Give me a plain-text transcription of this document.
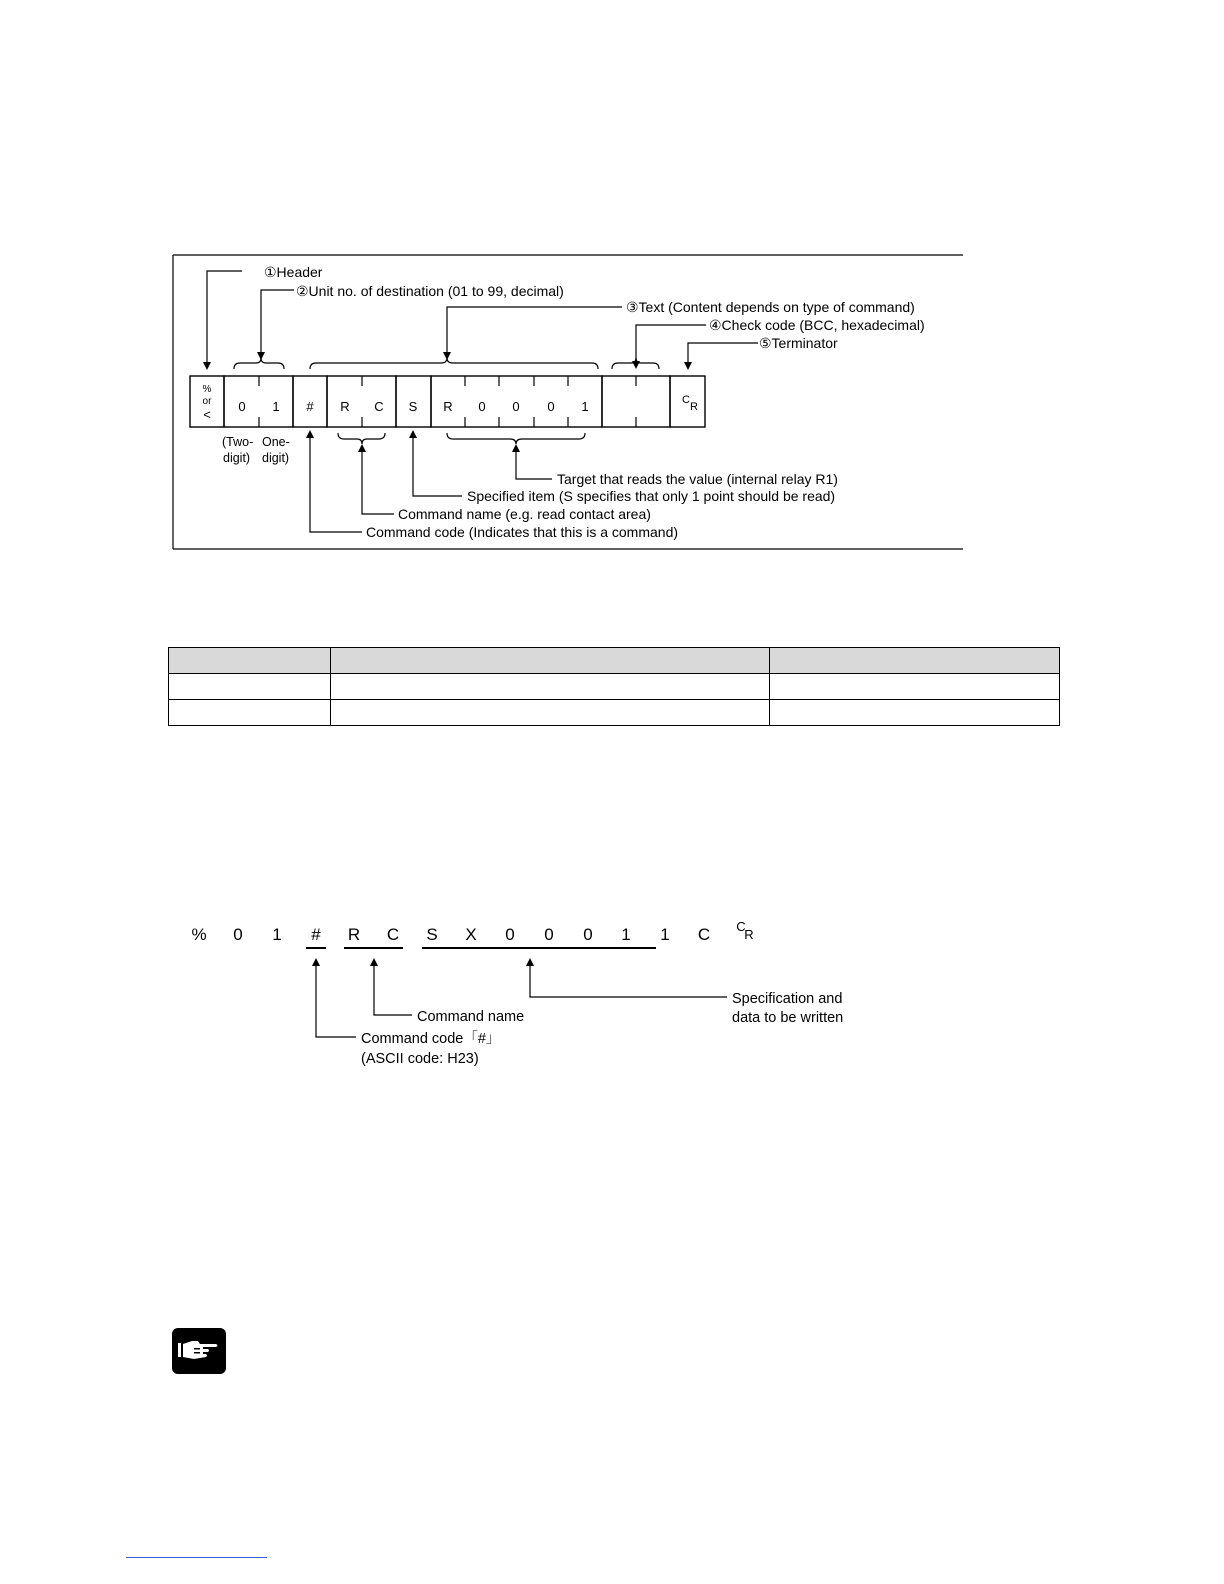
%
or
<
0 1 # R C S R 0 0 0 1	C
R
①Header
②Unit no. of destination (01 to 99, decimal)
③Text (Content depends on type of command)
④Check code (BCC, hexadecimal)
⑤Terminator
(Two-
digit)
One-
digit)
Target that reads the value (internal relay R1)
Specified item (S specifies that only 1 point should be read)
Command name (e.g. read contact area)
Command code (Indicates that this is a command)

% 0 1 # R C S X 0 0 0 1 1 C C
R
Specification and
data to be written
Command name
Command code「#」
(ASCII code: H23)
